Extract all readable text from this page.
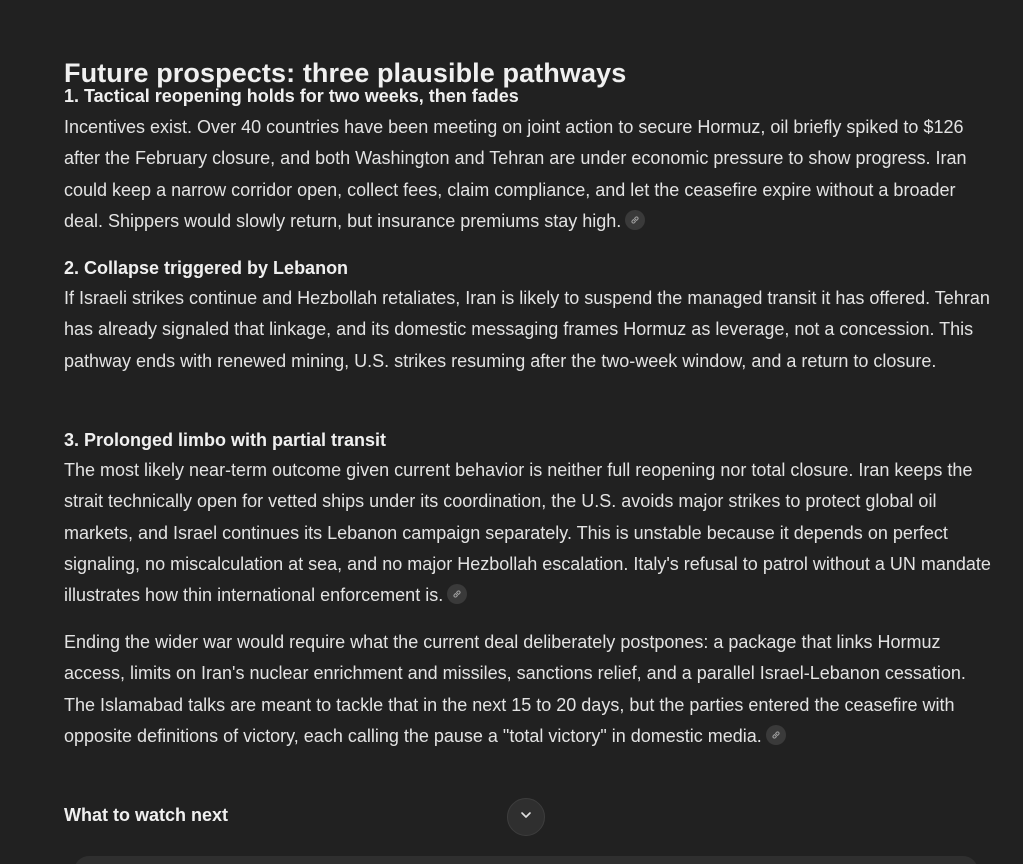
Future prospects: three plausible pathways
1. Tactical reopening holds for two weeks, then fades
Incentives exist. Over 40 countries have been meeting on joint action to secure Hormuz, oil briefly spiked to $126 after the February closure, and both Washington and Tehran are under economic pressure to show progress. Iran could keep a narrow corridor open, collect fees, claim compliance, and let the ceasefire expire without a broader deal. Shippers would slowly return, but insurance premiums stay high.
2. Collapse triggered by Lebanon
If Israeli strikes continue and Hezbollah retaliates, Iran is likely to suspend the managed transit it has offered. Tehran has already signaled that linkage, and its domestic messaging frames Hormuz as leverage, not a concession. This pathway ends with renewed mining, U.S. strikes resuming after the two-week window, and a return to closure.
3. Prolonged limbo with partial transit
The most likely near-term outcome given current behavior is neither full reopening nor total closure. Iran keeps the strait technically open for vetted ships under its coordination, the U.S. avoids major strikes to protect global oil markets, and Israel continues its Lebanon campaign separately. This is unstable because it depends on perfect signaling, no miscalculation at sea, and no major Hezbollah escalation. Italy's refusal to patrol without a UN mandate illustrates how thin international enforcement is.
Ending the wider war would require what the current deal deliberately postpones: a package that links Hormuz access, limits on Iran's nuclear enrichment and missiles, sanctions relief, and a parallel Israel-Lebanon cessation. The Islamabad talks are meant to tackle that in the next 15 to 20 days, but the parties entered the ceasefire with opposite definitions of victory, each calling the pause a "total victory" in domestic media.
What to watch next
